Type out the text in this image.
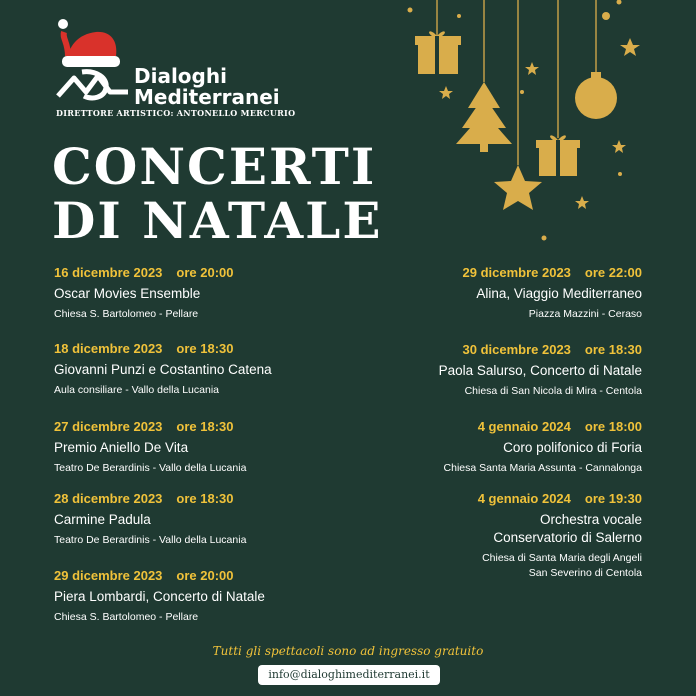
Dialoghi
Mediterranei
DIRETTORE ARTISTICO: ANTONELLO MERCURIO
CONCERTI
DI NATALE
16 dicembre 2023 ore 20:00
Oscar Movies Ensemble
Chiesa S. Bartolomeo - Pellare
18 dicembre 2023 ore 18:30
Giovanni Punzi e Costantino Catena
Aula consiliare - Vallo della Lucania
27 dicembre 2023 ore 18:30
Premio Aniello De Vita
Teatro De Berardinis - Vallo della Lucania
28 dicembre 2023 ore 18:30
Carmine Padula
Teatro De Berardinis - Vallo della Lucania
29 dicembre 2023 ore 20:00
Piera Lombardi, Concerto di Natale
Chiesa S. Bartolomeo - Pellare
29 dicembre 2023 ore 22:00
Alina, Viaggio Mediterraneo
Piazza Mazzini - Ceraso
30 dicembre 2023 ore 18:30
Paola Salurso, Concerto di Natale
Chiesa di San Nicola di Mira - Centola
4 gennaio 2024 ore 18:00
Coro polifonico di Foria
Chiesa Santa Maria Assunta - Cannalonga
4 gennaio 2024 ore 19:30
Orchestra vocale
Conservatorio di Salerno
Chiesa di Santa Maria degli Angeli
San Severino di Centola
Tutti gli spettacoli sono ad ingresso gratuito
info@dialoghimediterranei.it
